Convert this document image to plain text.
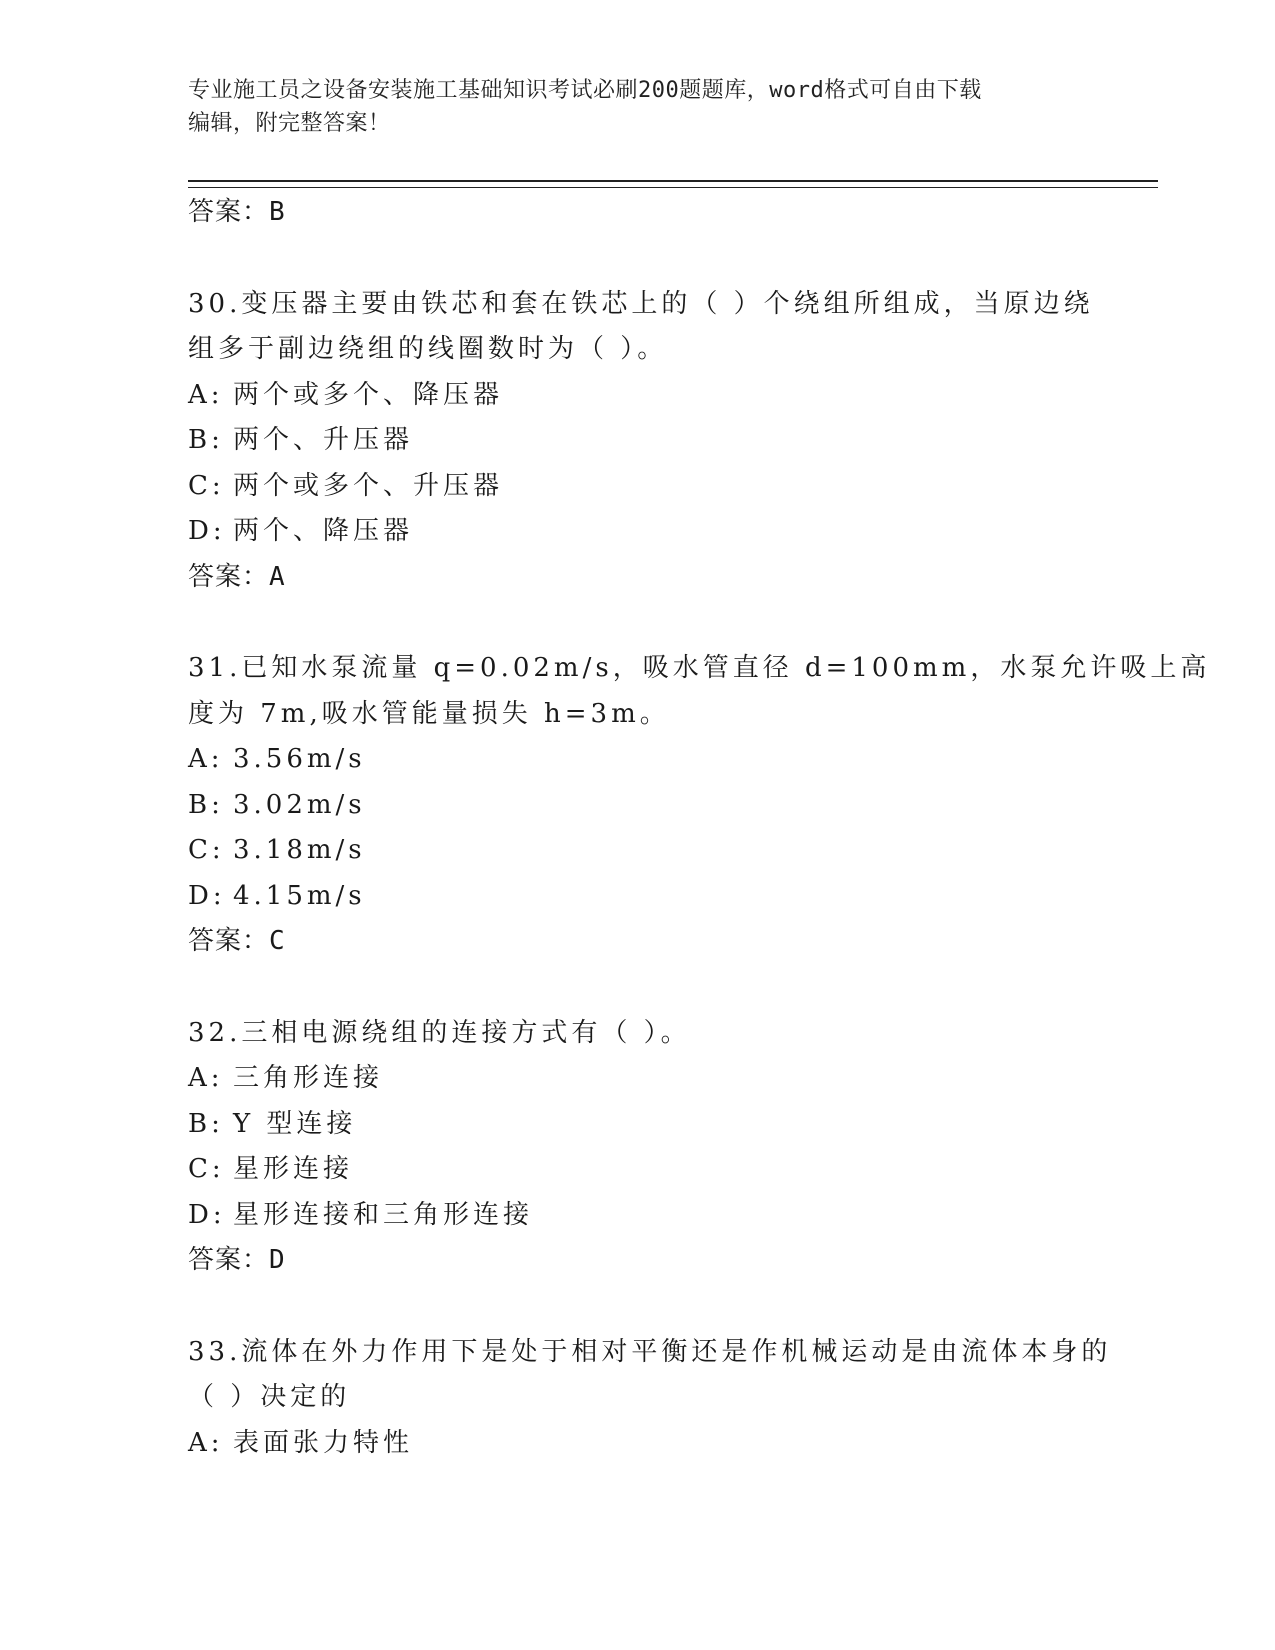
专业施工员之设备安装施工基础知识考试必刷200题题库，word格式可自由下载
编辑，附完整答案！
答案：B
30.变压器主要由铁芯和套在铁芯上的（ ）个绕组所组成，当原边绕
组多于副边绕组的线圈数时为（ ）。
A: 两个或多个、降压器
B: 两个、升压器
C: 两个或多个、升压器
D: 两个、降压器
答案：A
31.已知水泵流量 q=0.02m/s，吸水管直径 d=100mm，水泵允许吸上高
度为 7m,吸水管能量损失 h=3m。
A: 3.56m/s
B: 3.02m/s
C: 3.18m/s
D: 4.15m/s
答案：C
32.三相电源绕组的连接方式有（ ）。
A: 三角形连接
B: Y 型连接
C: 星形连接
D: 星形连接和三角形连接
答案：D
33.流体在外力作用下是处于相对平衡还是作机械运动是由流体本身的
（ ）决定的
A: 表面张力特性
